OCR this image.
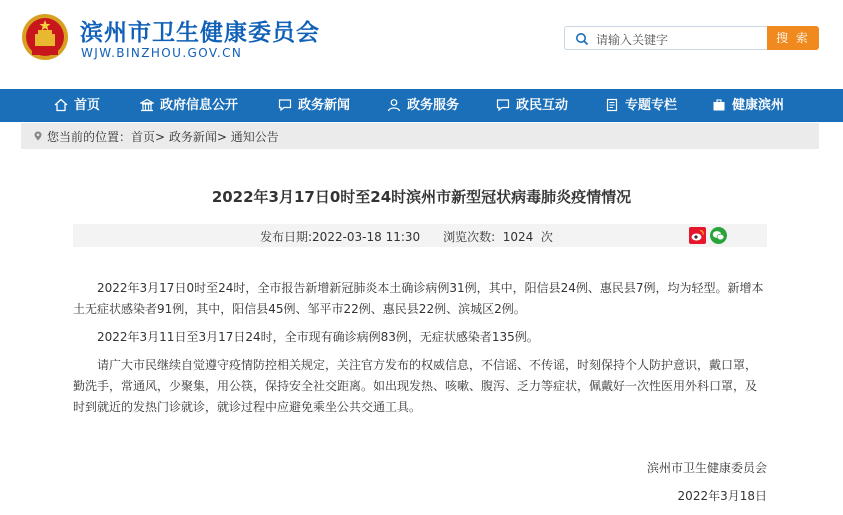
滨州市卫生健康委员会
WJW.BINZHOU.GOV.CN
请输入关键字	搜 索
首页	政府信息公开	政务新闻	政务服务	政民互动	专题专栏	健康滨州
您当前的位置：首页> 政务新闻> 通知公告
2022年3月17日0时至24时滨州市新型冠状病毒肺炎疫情情况
发布日期:2022-03-18 11:30      浏览次数:  1024  次
2022年3月17日0时至24时，全市报告新增新冠肺炎本土确诊病例31例，其中，阳信县24例、惠民县7例，均为轻型。新增本土无症状感染者91例，其中，阳信县45例、邹平市22例、惠民县22例、滨城区2例。
2022年3月11日至3月17日24时，全市现有确诊病例83例，无症状感染者135例。
请广大市民继续自觉遵守疫情防控相关规定，关注官方发布的权威信息，不信谣、不传谣，时刻保持个人防护意识，戴口罩，勤洗手，常通风，少聚集，用公筷，保持安全社交距离。如出现发热、咳嗽、腹泻、乏力等症状，佩戴好一次性医用外科口罩，及时到就近的发热门诊就诊，就诊过程中应避免乘坐公共交通工具。
滨州市卫生健康委员会
2022年3月18日
